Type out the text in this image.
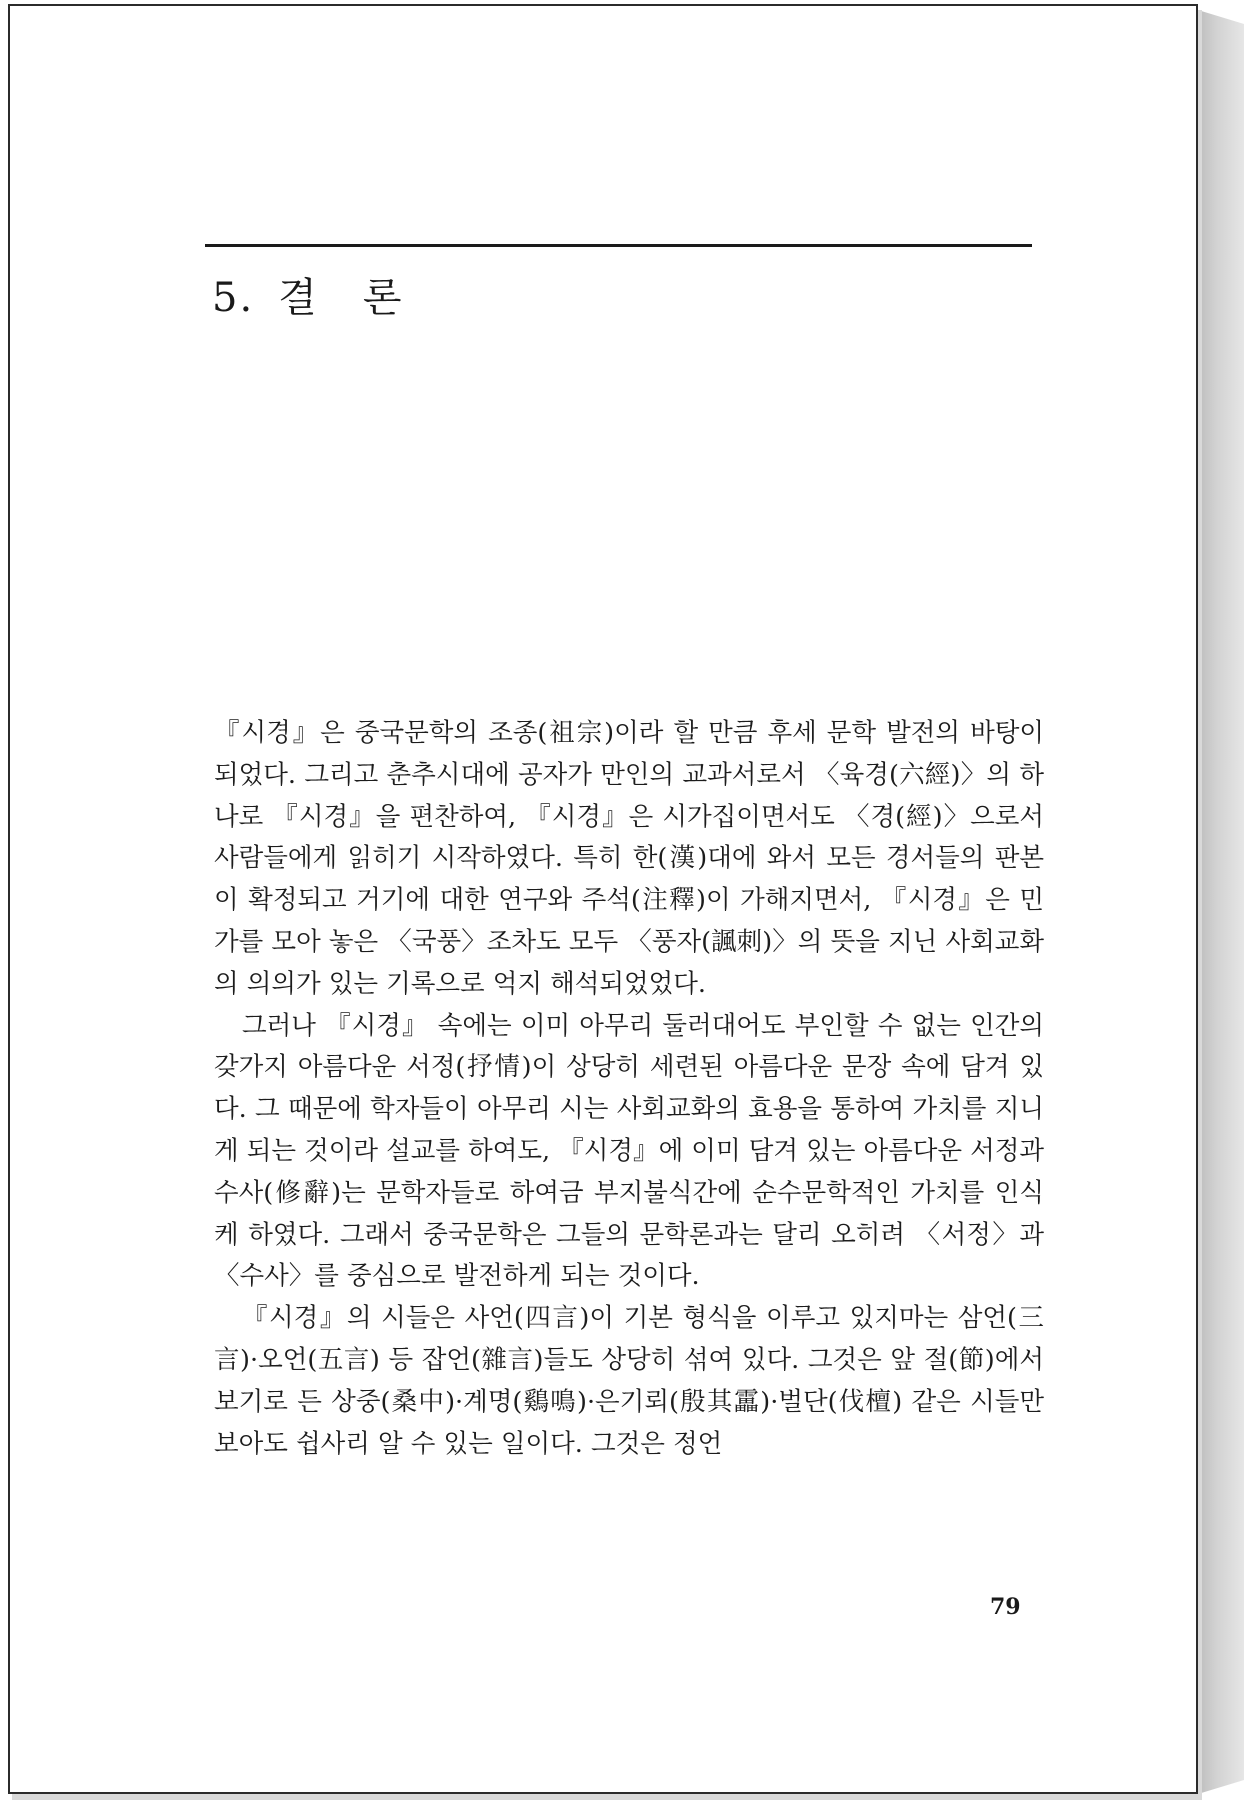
5. 결 론

『시경』은 중국문학의 조종(祖宗)이라 할 만큼 후세 문학 발전의 바탕이 되었다. 그리고 춘추시대에 공자가 만인의 교과서로서 〈육경(六經)〉의 하나로 『시경』을 편찬하여, 『시경』은 시가집이면서도 〈경(經)〉으로서 사람들에게 읽히기 시작하였다. 특히 한(漢)대에 와서 모든 경서들의 판본이 확정되고 거기에 대한 연구와 주석(注釋)이 가해지면서, 『시경』은 민가를 모아 놓은 〈국풍〉조차도 모두 〈풍자(諷刺)〉의 뜻을 지닌 사회교화의 의의가 있는 기록으로 억지 해석되었었다.

그러나 『시경』 속에는 이미 아무리 둘러대어도 부인할 수 없는 인간의 갖가지 아름다운 서정(抒情)이 상당히 세련된 아름다운 문장 속에 담겨 있다. 그 때문에 학자들이 아무리 시는 사회교화의 효용을 통하여 가치를 지니게 되는 것이라 설교를 하여도, 『시경』에 이미 담겨 있는 아름다운 서정과 수사(修辭)는 문학자들로 하여금 부지불식간에 순수문학적인 가치를 인식케 하였다. 그래서 중국문학은 그들의 문학론과는 달리 오히려 〈서정〉과 〈수사〉를 중심으로 발전하게 되는 것이다.

『시경』의 시들은 사언(四言)이 기본 형식을 이루고 있지마는 삼언(三言)·오언(五言) 등 잡언(雜言)들도 상당히 섞여 있다. 그것은 앞 절(節)에서 보기로 든 상중(桑中)·계명(鷄鳴)·은기뢰(殷其靁)·벌단(伐檀) 같은 시들만 보아도 쉽사리 알 수 있는 일이다. 그것은 정언

79
